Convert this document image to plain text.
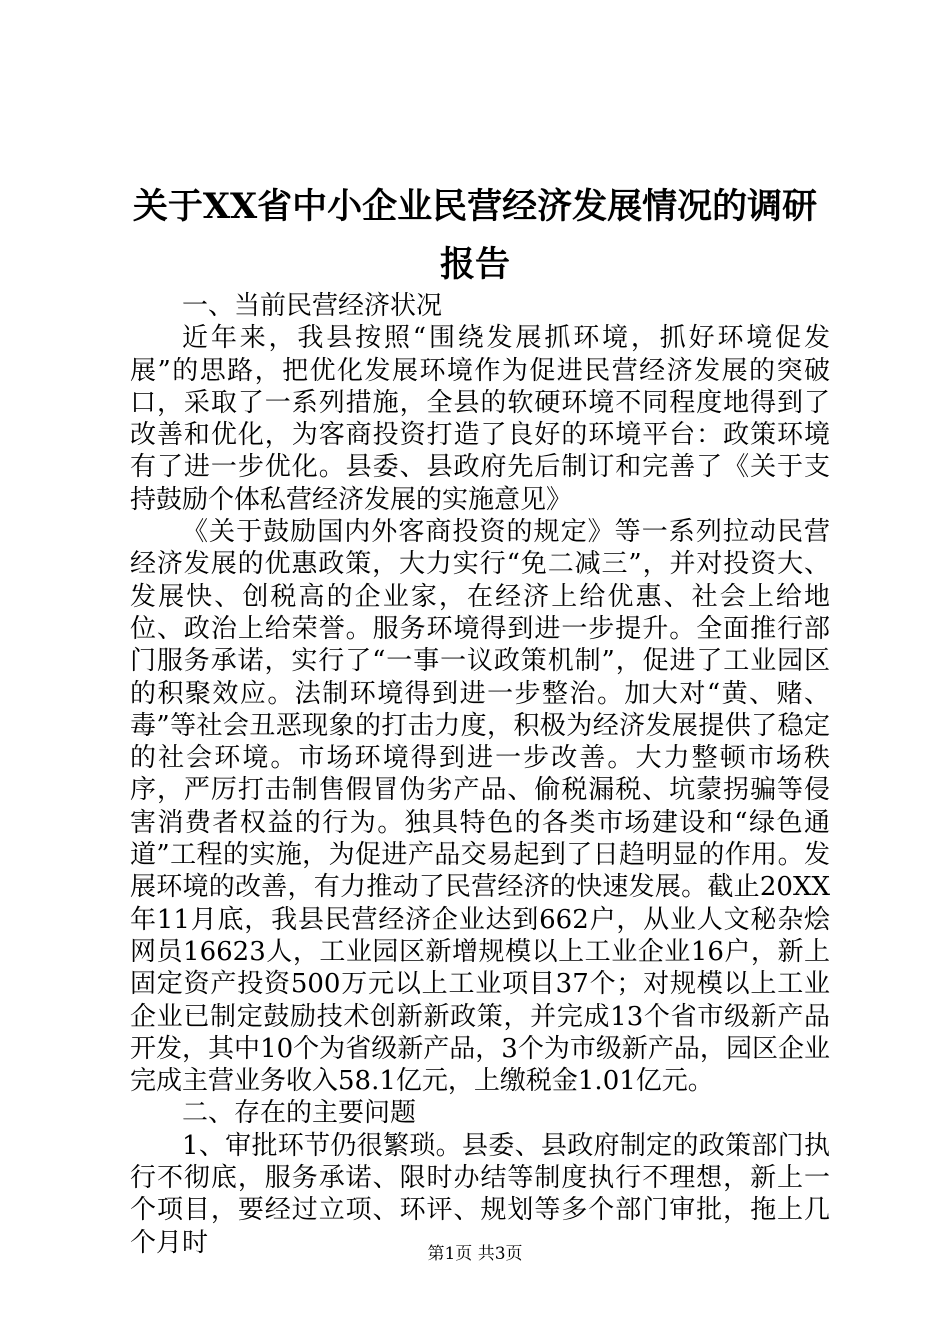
关于XX省中小企业民营经济发展情况的调研
报告

一、当前民营经济状况

近年来，我县按照“围绕发展抓环境，抓好环境促发展”的思路，把优化发展环境作为促进民营经济发展的突破口，采取了一系列措施，全县的软硬环境不同程度地得到了改善和优化，为客商投资打造了良好的环境平台：政策环境有了进一步优化。县委、县政府先后制订和完善了《关于支持鼓励个体私营经济发展的实施意见》

《关于鼓励国内外客商投资的规定》等一系列拉动民营经济发展的优惠政策，大力实行“免二减三”，并对投资大、发展快、创税高的企业家，在经济上给优惠、社会上给地位、政治上给荣誉。服务环境得到进一步提升。全面推行部门服务承诺，实行了“一事一议政策机制”，促进了工业园区的积聚效应。法制环境得到进一步整治。加大对“黄、赌、毒”等社会丑恶现象的打击力度，积极为经济发展提供了稳定的社会环境。市场环境得到进一步改善。大力整顿市场秩序，严厉打击制售假冒伪劣产品、偷税漏税、坑蒙拐骗等侵害消费者权益的行为。独具特色的各类市场建设和“绿色通道”工程的实施，为促进产品交易起到了日趋明显的作用。发展环境的改善，有力推动了民营经济的快速发展。截止20XX年11月底，我县民营经济企业达到662户，从业人文秘杂烩网员16623人，工业园区新增规模以上工业企业16户，新上固定资产投资500万元以上工业项目37个；对规模以上工业企业已制定鼓励技术创新新政策，并完成13个省市级新产品开发，其中10个为省级新产品，3个为市级新产品，园区企业完成主营业务收入58.1亿元，上缴税金1.01亿元。

二、存在的主要问题

1、审批环节仍很繁琐。县委、县政府制定的政策部门执行不彻底，服务承诺、限时办结等制度执行不理想，新上一个项目，要经过立项、环评、规划等多个部门审批，拖上几个月时	第1页 共3页
